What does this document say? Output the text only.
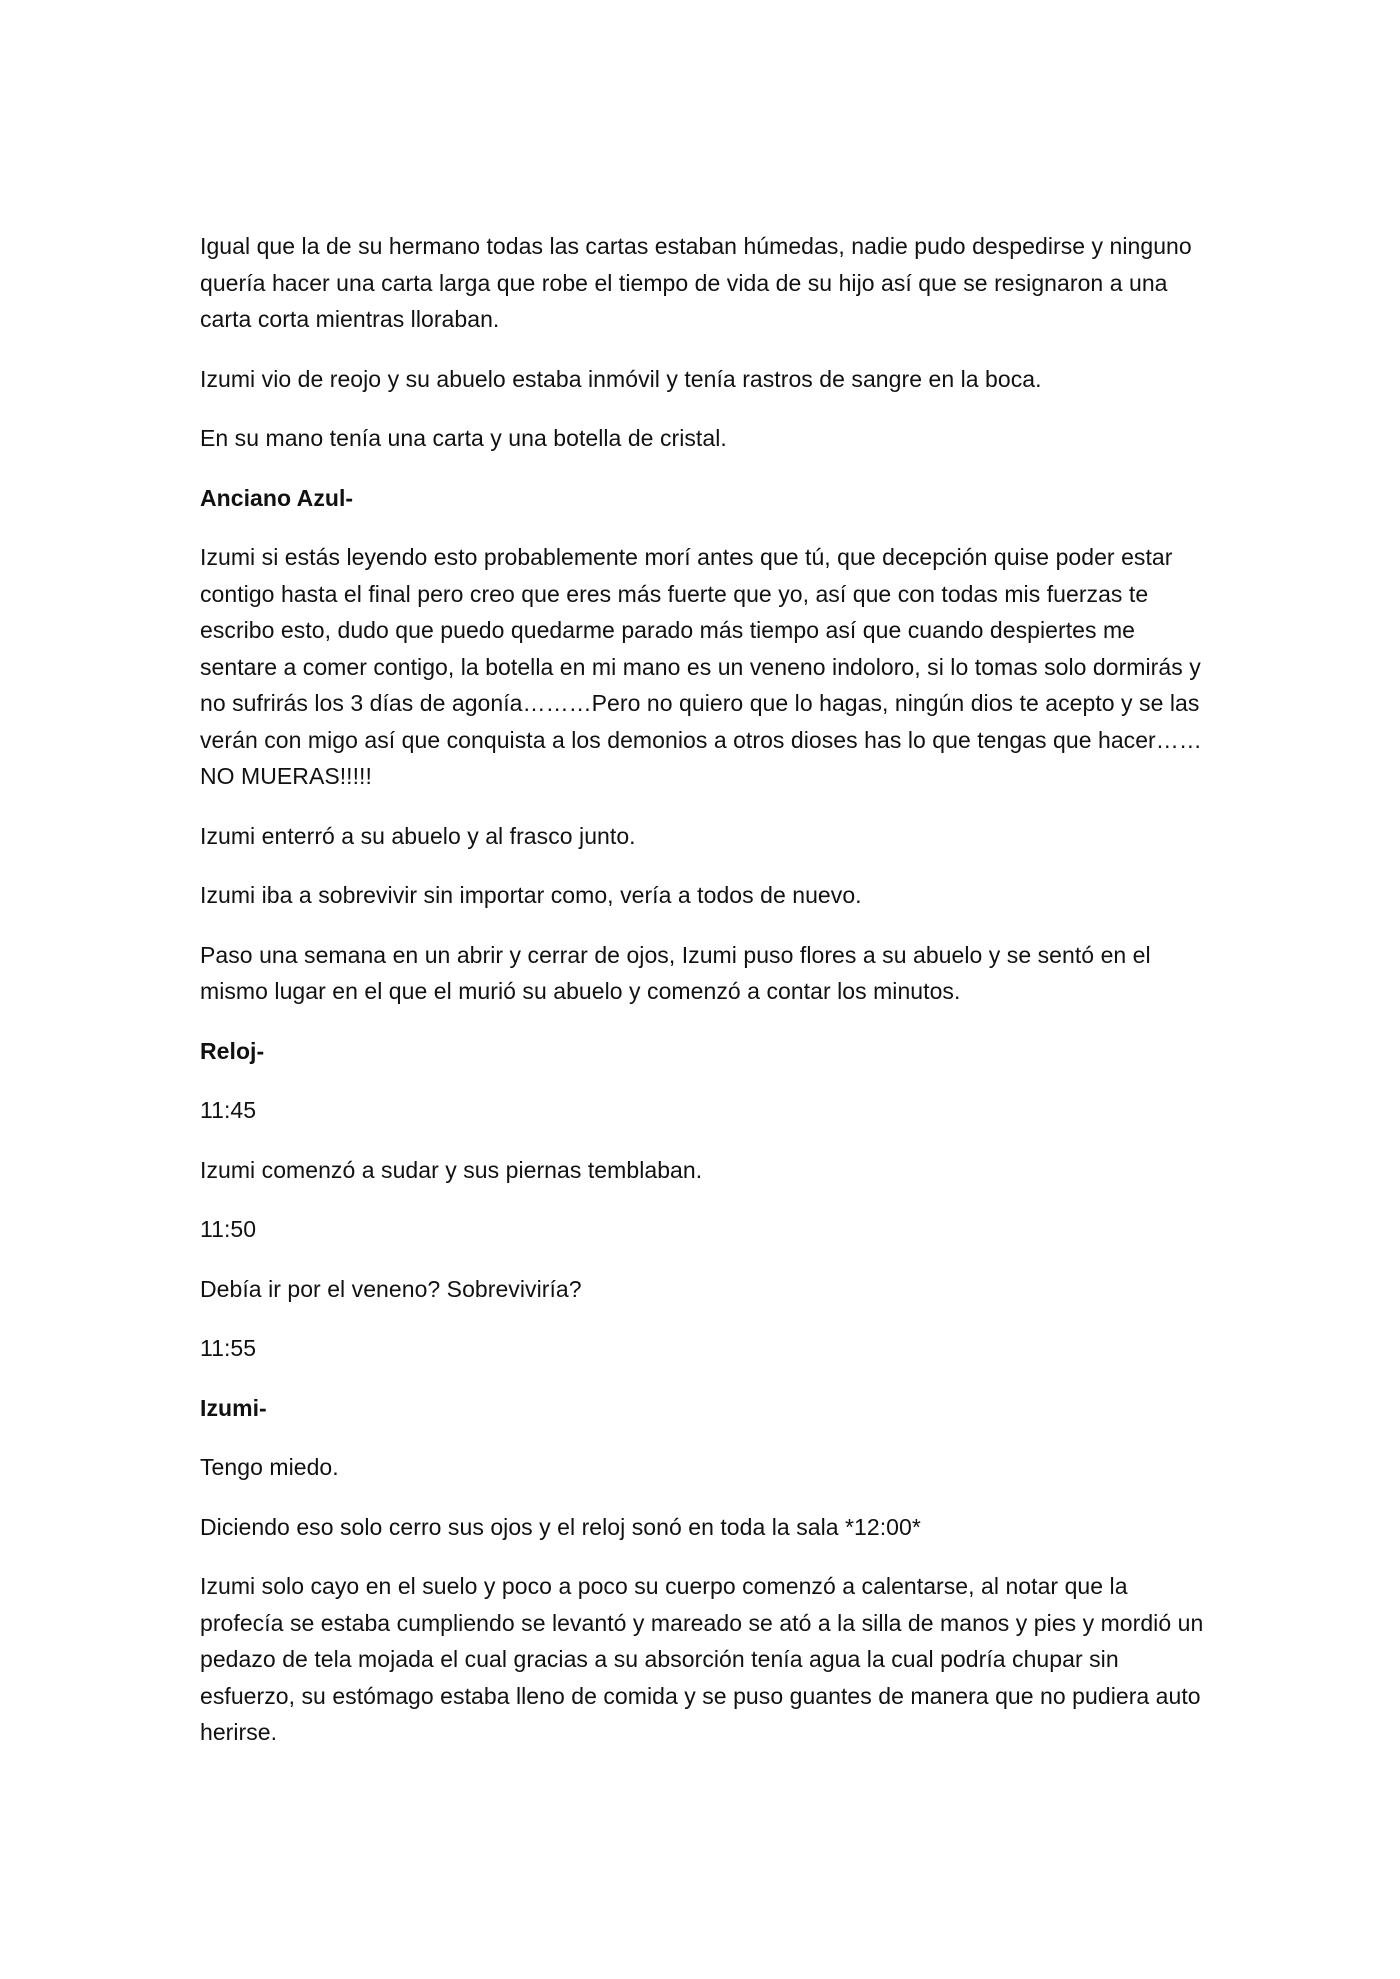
Igual que la de su hermano todas las cartas estaban húmedas, nadie pudo despedirse y ninguno quería hacer una carta larga que robe el tiempo de vida de su hijo así que se resignaron a una carta corta mientras lloraban.

Izumi vio de reojo y su abuelo estaba inmóvil y tenía rastros de sangre en la boca.

En su mano tenía una carta y una botella de cristal.

Anciano Azul-

Izumi si estás leyendo esto probablemente morí antes que tú, que decepción quise poder estar contigo hasta el final pero creo que eres más fuerte que yo, así que con todas mis fuerzas te escribo esto, dudo que puedo quedarme parado más tiempo así que cuando despiertes me sentare a comer contigo, la botella en mi mano es un veneno indoloro, si lo tomas solo dormirás y no sufrirás los 3 días de agonía………Pero no quiero que lo hagas, ningún dios te acepto y se las verán con migo así que conquista a los demonios a otros dioses has lo que tengas que hacer……NO MUERAS!!!!!

Izumi enterró a su abuelo y al frasco junto.

Izumi iba a sobrevivir sin importar como, vería a todos de nuevo.

Paso una semana en un abrir y cerrar de ojos, Izumi puso flores a su abuelo y se sentó en el mismo lugar en el que el murió su abuelo y comenzó a contar los minutos.

Reloj-

11:45

Izumi comenzó a sudar y sus piernas temblaban.

11:50

Debía ir por el veneno? Sobreviviría?

11:55

Izumi-

Tengo miedo.

Diciendo eso solo cerro sus ojos y el reloj sonó en toda la sala *12:00*

Izumi solo cayo en el suelo y poco a poco su cuerpo comenzó a calentarse, al notar que la profecía se estaba cumpliendo se levantó y mareado se ató a la silla de manos y pies y mordió un pedazo de tela mojada el cual gracias a su absorción tenía agua la cual podría chupar sin esfuerzo, su estómago estaba lleno de comida y se puso guantes de manera que no pudiera auto herirse.
